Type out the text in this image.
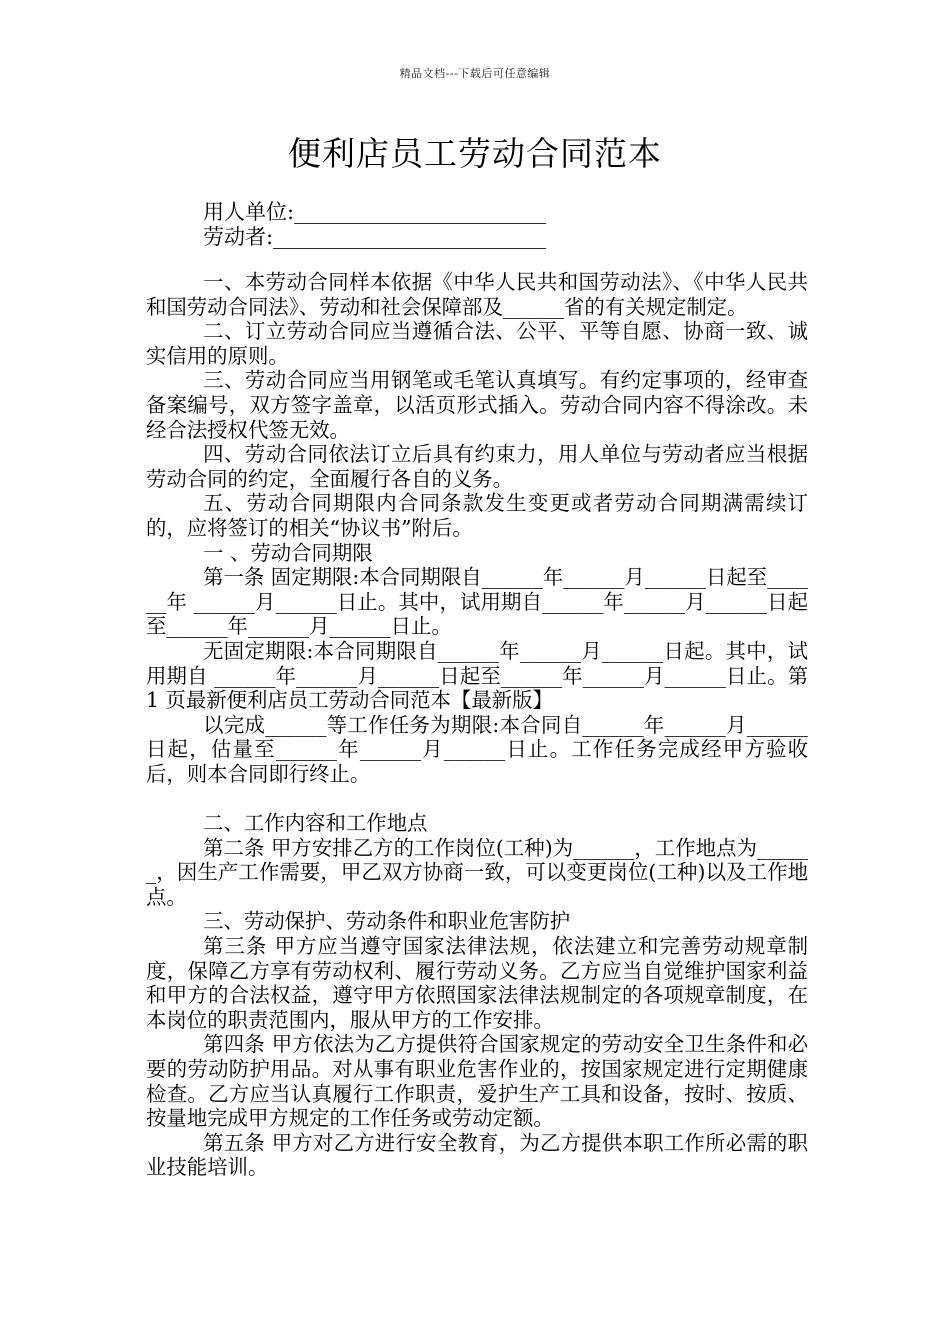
精品文档---下载后可任意编辑
便利店员工劳动合同范本
用人单位:________________________
劳动者:__________________________

一、本劳动合同样本依据《中华人民共和国劳动法》、《中华人民共和国劳动合同法》、劳动和社会保障部及______省的有关规定制定。

二、订立劳动合同应当遵循合法、公平、平等自愿、协商一致、诚实信用的原则。

三、劳动合同应当用钢笔或毛笔认真填写。有约定事项的，经审查备案编号，双方签字盖章，以活页形式插入。劳动合同内容不得涂改。未经合法授权代签无效。

四、劳动合同依法订立后具有约束力，用人单位与劳动者应当根据劳动合同的约定，全面履行各自的义务。

五、劳动合同期限内合同条款发生变更或者劳动合同期满需续订的，应将签订的相关“协议书”附后。

一 、劳动合同期限

第一条 固定期限:本合同期限自______年______月______日起至______年 ______月______日止。其中，试用期自______年______月______日起至______年______月______日止。

无固定期限:本合同期限自______年______月______日起。其中，试用期自 ______年______月______日起至______年______月______日止。第 1 页最新便利店员工劳动合同范本【最新版】

以完成______等工作任务为期限:本合同自______年______月______日起，估量至______年______月______日止。工作任务完成经甲方验收后，则本合同即行终止。

二、工作内容和工作地点

第二条 甲方安排乙方的工作岗位(工种)为______，工作地点为______，因生产工作需要，甲乙双方协商一致，可以变更岗位(工种)以及工作地点。

三、劳动保护、劳动条件和职业危害防护

第三条 甲方应当遵守国家法律法规，依法建立和完善劳动规章制度，保障乙方享有劳动权利、履行劳动义务。乙方应当自觉维护国家利益和甲方的合法权益，遵守甲方依照国家法律法规制定的各项规章制度，在本岗位的职责范围内，服从甲方的工作安排。

第四条 甲方依法为乙方提供符合国家规定的劳动安全卫生条件和必要的劳动防护用品。对从事有职业危害作业的，按国家规定进行定期健康检查。乙方应当认真履行工作职责，爱护生产工具和设备，按时、按质、按量地完成甲方规定的工作任务或劳动定额。

第五条 甲方对乙方进行安全教育，为乙方提供本职工作所必需的职业技能培训。
